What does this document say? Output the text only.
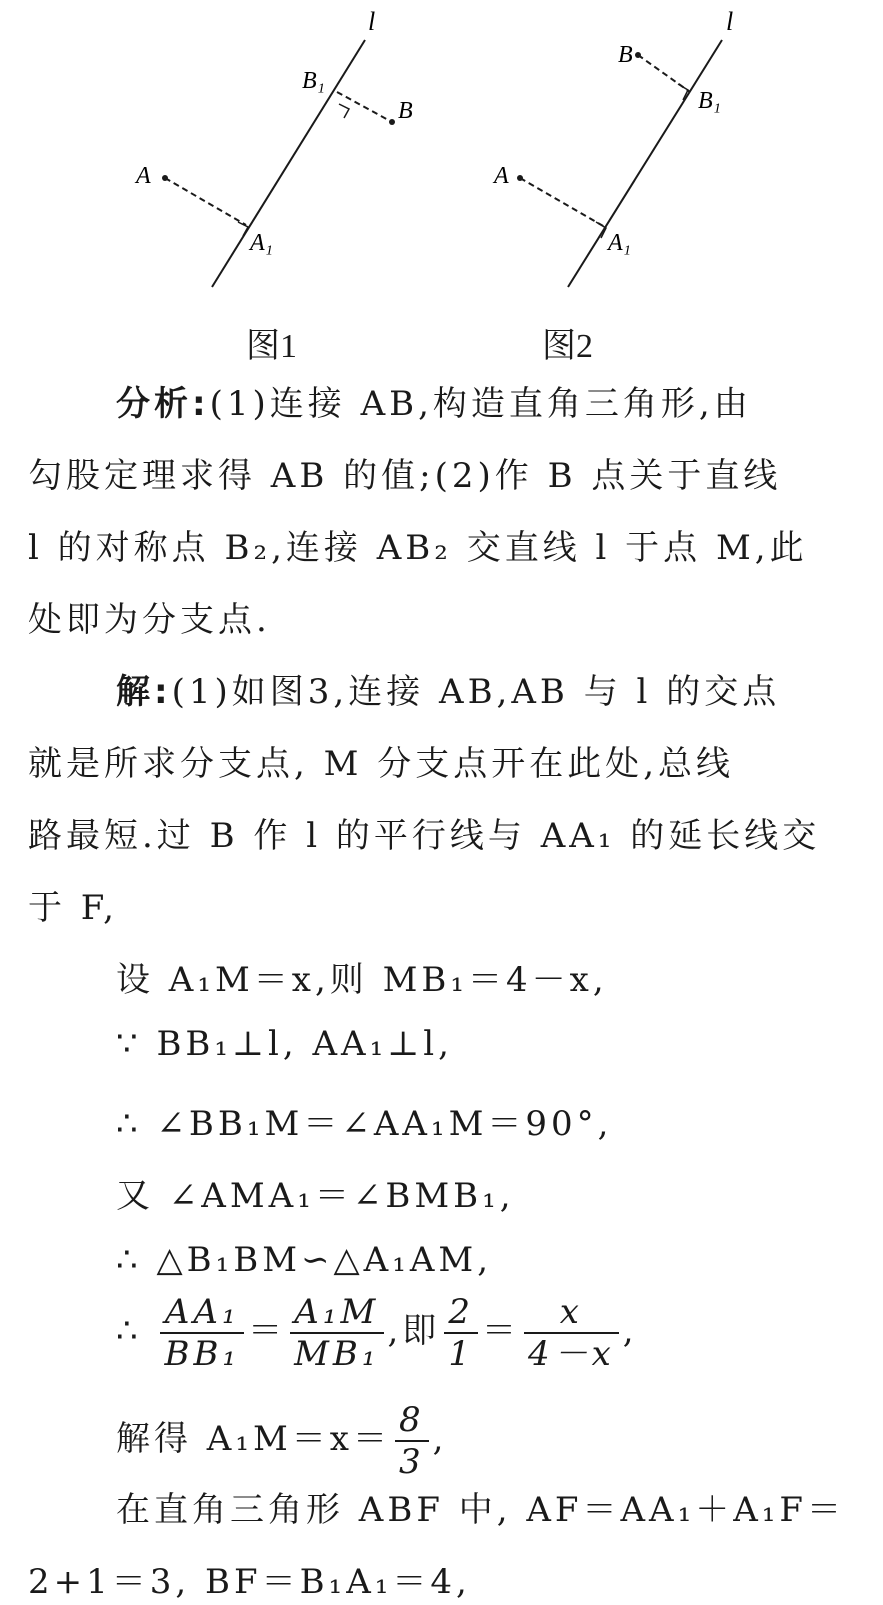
l
B₁
B
A
A₁
l
B
B₁
A
A₁
图1	图2
分析:(1)连接 AB,构造直角三角形,由
勾股定理求得 AB 的值;(2)作 B 点关于直线
l 的对称点 B₂,连接 AB₂ 交直线 l 于点 M,此
处即为分支点.
解:(1)如图3,连接 AB,AB 与 l 的交点
就是所求分支点, M 分支点开在此处,总线
路最短.过 B 作 l 的平行线与 AA₁ 的延长线交
于 F,
设 A₁M＝x,则 MB₁＝4－x,
∵ BB₁⊥l, AA₁⊥l,
∴ ∠BB₁M＝∠AA₁M＝90°,
又 ∠AMA₁＝∠BMB₁,
∴ △B₁BM∽△A₁AM,
∴ $\frac{\text{AA₁}}{\text{BB₁}} = \frac{\text{A₁M}}{\text{MB₁}}$ ,即 $\frac{2}{1} = \frac{x}{4-x}$ ,
解得 $A_1M=x= \frac{8}{3}$ ,
在直角三角形 ABF 中, AF＝AA₁＋A₁F＝
2+1＝3, BF＝B₁A₁＝4,
